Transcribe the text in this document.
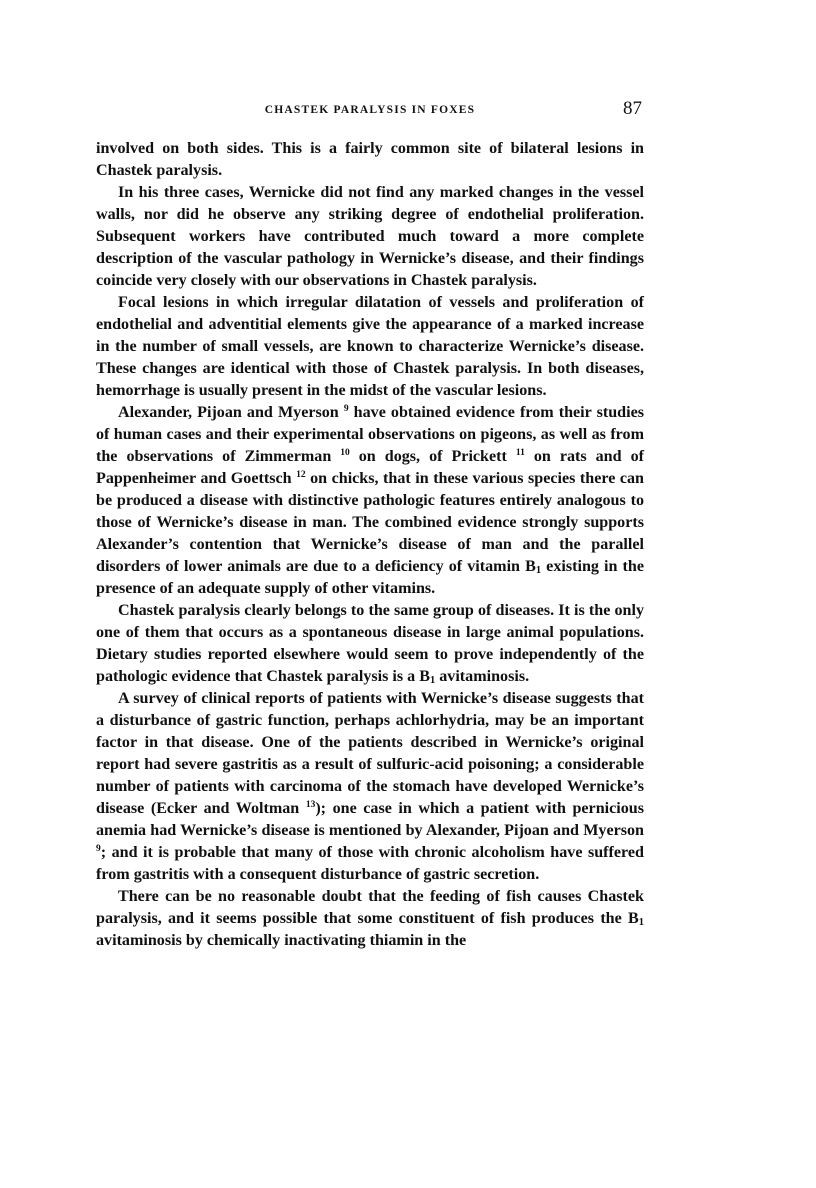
CHASTEK PARALYSIS IN FOXES	87

involved on both sides. This is a fairly common site of bilateral lesions in Chastek paralysis.

In his three cases, Wernicke did not find any marked changes in the vessel walls, nor did he observe any striking degree of endothelial proliferation. Subsequent workers have contributed much toward a more complete description of the vascular pathology in Wernicke’s disease, and their findings coincide very closely with our observations in Chastek paralysis.

Focal lesions in which irregular dilatation of vessels and proliferation of endothelial and adventitial elements give the appearance of a marked increase in the number of small vessels, are known to characterize Wernicke’s disease. These changes are identical with those of Chastek paralysis. In both diseases, hemorrhage is usually present in the midst of the vascular lesions.

Alexander, Pijoan and Myerson $^9$ have obtained evidence from their studies of human cases and their experimental observations on pigeons, as well as from the observations of Zimmerman $^{10}$ on dogs, of Prickett $^{11}$ on rats and of Pappenheimer and Goettsch $^{12}$ on chicks, that in these various species there can be produced a disease with distinctive pathologic features entirely analogous to those of Wernicke’s disease in man. The combined evidence strongly supports Alexander’s contention that Wernicke’s disease of man and the parallel disorders of lower animals are due to a deficiency of vitamin $B_1$ existing in the presence of an adequate supply of other vitamins.

Chastek paralysis clearly belongs to the same group of diseases. It is the only one of them that occurs as a spontaneous disease in large animal populations. Dietary studies reported elsewhere would seem to prove independently of the pathologic evidence that Chastek paralysis is a $B_1$ avitaminosis.

A survey of clinical reports of patients with Wernicke’s disease suggests that a disturbance of gastric function, perhaps achlorhydria, may be an important factor in that disease. One of the patients described in Wernicke’s original report had severe gastritis as a result of sulfuric-acid poisoning; a considerable number of patients with carcinoma of the stomach have developed Wernicke’s disease (Ecker and Woltman $^{13}$); one case in which a patient with pernicious anemia had Wernicke’s disease is mentioned by Alexander, Pijoan and Myerson $^9$; and it is probable that many of those with chronic alcoholism have suffered from gastritis with a consequent disturbance of gastric secretion.

There can be no reasonable doubt that the feeding of fish causes Chastek paralysis, and it seems possible that some constituent of fish produces the $B_1$ avitaminosis by chemically inactivating thiamin in the
